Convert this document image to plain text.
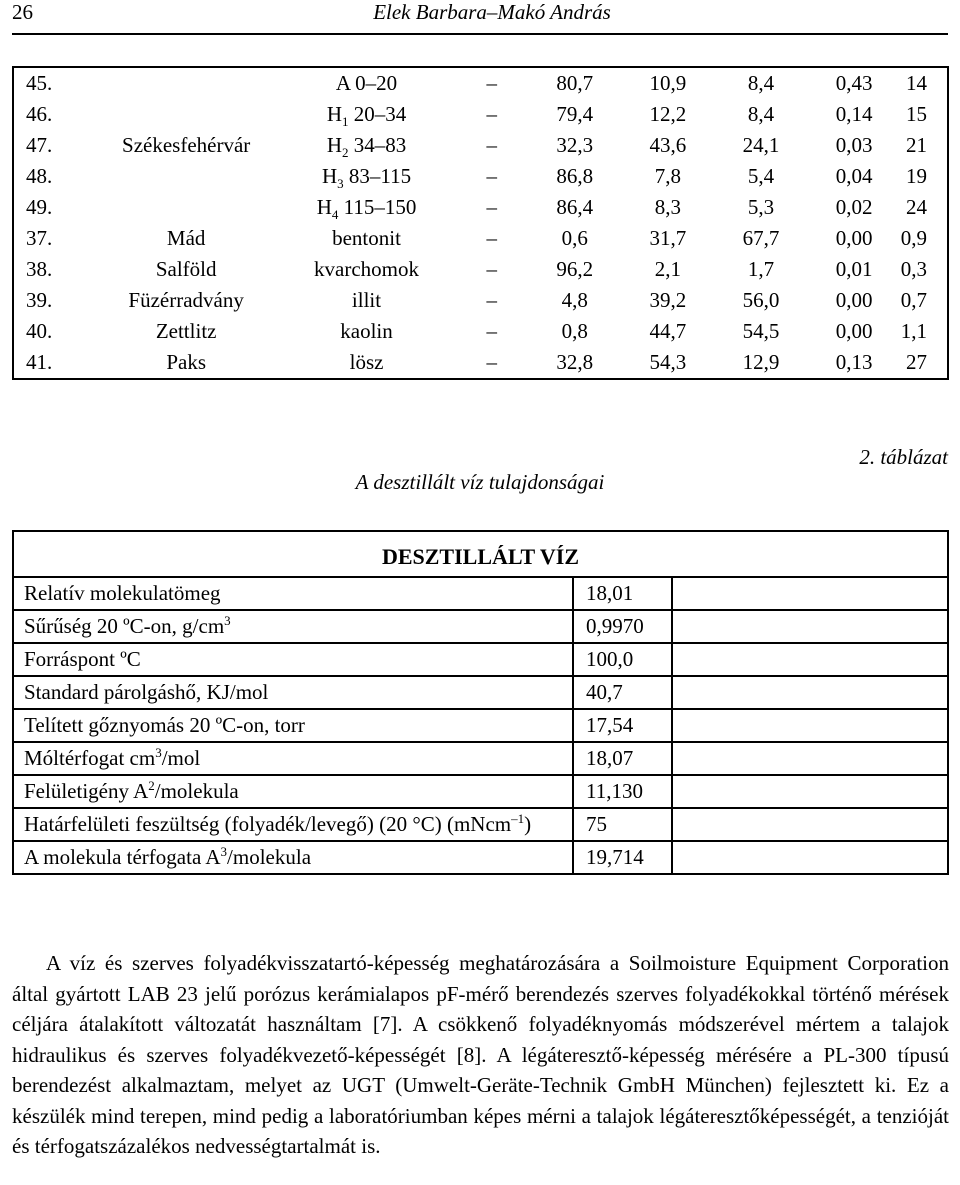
26	Elek Barbara–Makó András
45.		A 0–20	–	80,7	10,9	8,4	0,43	14
46.		$H_1$ 20–34	–	79,4	12,2	8,4	0,14	15
47.	Székesfehérvár	$H_2$ 34–83	–	32,3	43,6	24,1	0,03	21
48.		$H_3$ 83–115	–	86,8	7,8	5,4	0,04	19
49.		$H_4$ 115–150	–	86,4	8,3	5,3	0,02	24
37.	Mád	bentonit	–	0,6	31,7	67,7	0,00	0,9
38.	Salföld	kvarchomok	–	96,2	2,1	1,7	0,01	0,3
39.	Füzérradvány	illit	–	4,8	39,2	56,0	0,00	0,7
40.	Zettlitz	kaolin	–	0,8	44,7	54,5	0,00	1,1
41.	Paks	lösz	–	32,8	54,3	12,9	0,13	27
2. táblázat
A desztillált víz tulajdonságai
DESZTILLÁLT VÍZ		
Relatív molekulatömeg	18,01	
Sűrűség 20 ºC-on, $g/cm^3$	0,9970	
Forráspont ºC	100,0	
Standard párolgáshő, KJ/mol	40,7	
Telített gőznyomás 20 ºC-on, torr	17,54	
Móltérfogat $cm^3$/mol	18,07	
Felületigény $A^2$/molekula	11,130	
Határfelületi feszültség (folyadék/levegő) (20 °C) (mNcm$^{-1}$)	75	
A molekula térfogata $A^3$/molekula	19,714	

A víz és szerves folyadékvisszatartó-képesség meghatározására a Soilmoisture Equipment Corporation által gyártott LAB 23 jelű porózus kerámialapos pF-mérő berendezés szerves folyadékokkal történő mérések céljára átalakított változatát használtam [7]. A csökkenő folyadéknyomás módszerével mértem a talajok hidraulikus és szerves folyadékvezető-képességét [8]. A légáteresztő-képesség mérésére a PL-300 típusú berendezést alkalmaztam, melyet az UGT (Umwelt-Geräte-Technik GmbH München) fejlesztett ki. Ez a készülék mind terepen, mind pedig a laboratóriumban képes mérni a talajok légáteresztőképességét, a tenzióját és térfogatszázalékos nedvességtartalmát is.
